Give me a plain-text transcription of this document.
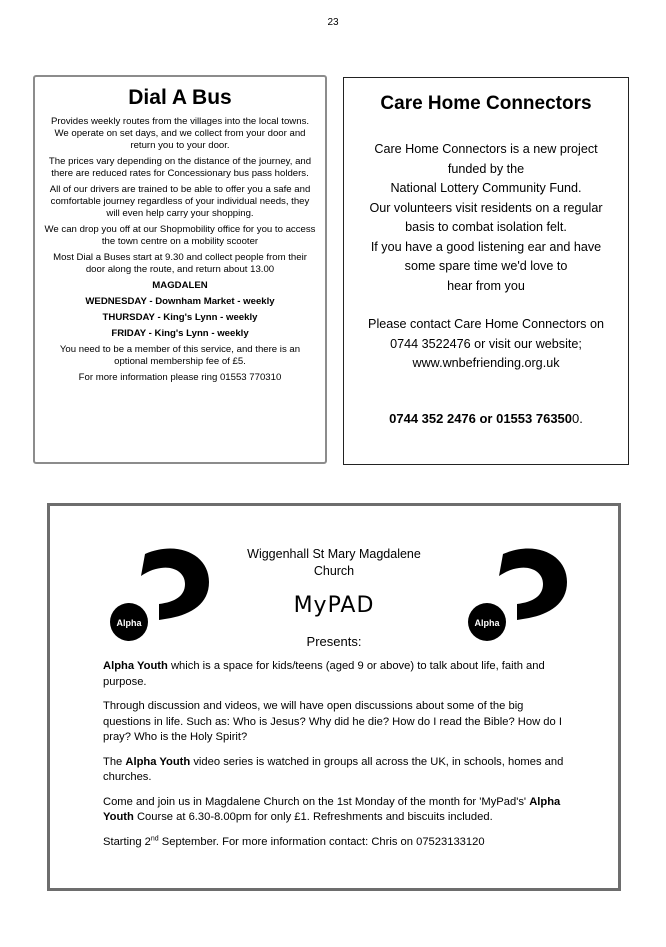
23
Dial A Bus

Provides weekly routes from the villages into the local towns. We operate on set days, and we collect from your door and return you to your door.

The prices vary depending on the distance of the journey, and there are reduced rates for Concessionary bus pass holders.

All of our drivers are trained to be able to offer you a safe and comfortable journey regardless of your individual needs, they will even help carry your shopping.

We can drop you off at our Shopmobility office for you to access the town centre on a mobility scooter

Most Dial a Buses start at 9.30 and collect people from their door along the route, and return about 13.00

MAGDALEN

WEDNESDAY - Downham Market - weekly

THURSDAY - King's Lynn - weekly

FRIDAY - King's Lynn - weekly

You need to be a member of this service, and there is an optional membership fee of £5.

For more information please ring 01553 770310

Care Home Connectors

Care Home Connectors is a new project

funded by the

National Lottery Community Fund.

Our volunteers visit residents on a regular

basis to combat isolation felt.

If you have a good listening ear and have

some spare time we'd love to

hear from you

Please contact Care Home Connectors on

0744 3522476 or visit our website;

www.wnbefriending.org.uk

0744 352 2476 or 01553 763500.

Alpha
Wiggenhall St Mary Magdalene
Church
MyPAD
Presents:
Alpha

Alpha Youth which is a space for kids/teens (aged 9 or above) to talk about life, faith and purpose.

Through discussion and videos, we will have open discussions about some of the big questions in life. Such as: Who is Jesus? Why did he die? How do I read the Bible? How do I pray? Who is the Holy Spirit?

The Alpha Youth video series is watched in groups all across the UK, in schools, homes and churches.

Come and join us in Magdalene Church on the 1st Monday of the month for 'MyPad's' Alpha Youth Course at 6.30-8.00pm for only £1. Refreshments and biscuits included.

Starting 2nd September. For more information contact: Chris on 07523133120
